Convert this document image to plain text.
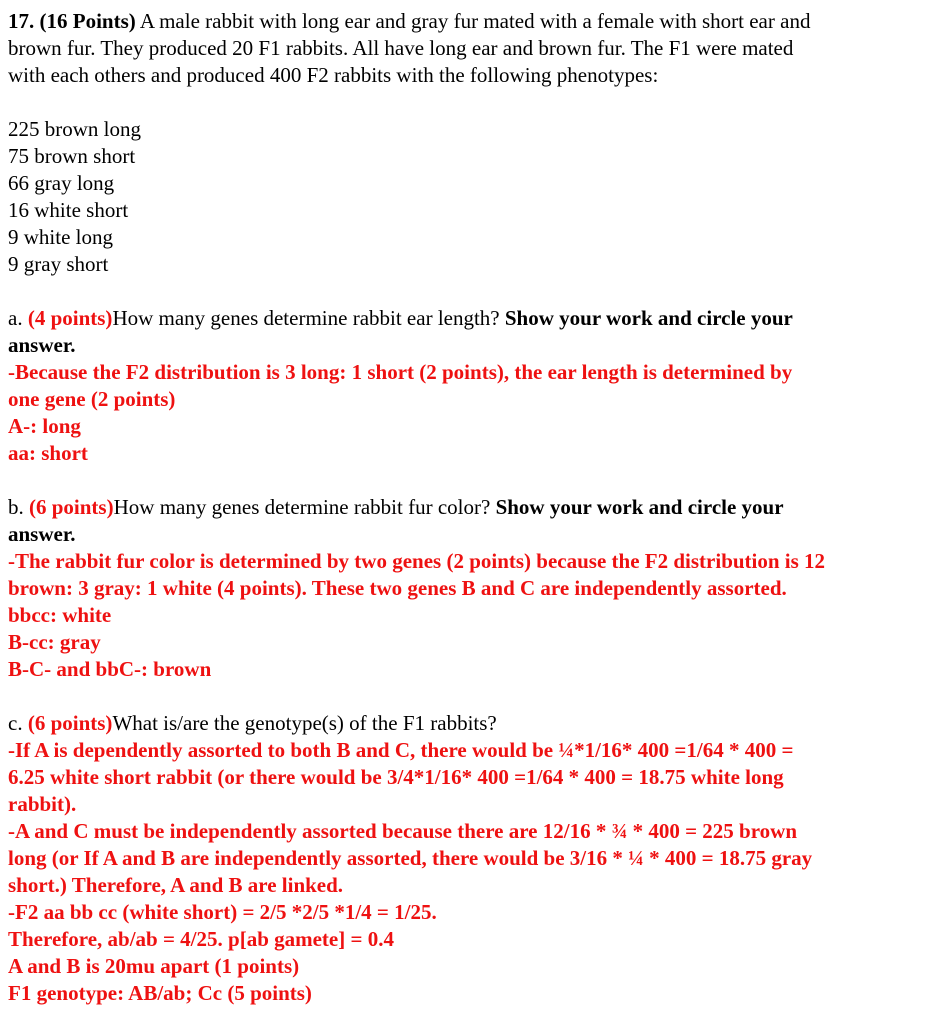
17. (16 Points) A male rabbit with long ear and gray fur mated with a female with short ear and

brown fur. They produced 20 F1 rabbits. All have long ear and brown fur. The F1 were mated

with each others and produced 400 F2 rabbits with the following phenotypes:

225 brown long

75 brown short

66 gray long

16 white short

9 white long

9 gray short

a. (4 points)How many genes determine rabbit ear length? Show your work and circle your

answer.

-Because the F2 distribution is 3 long: 1 short (2 points), the ear length is determined by

one gene (2 points)

A-: long

aa: short

b. (6 points)How many genes determine rabbit fur color? Show your work and circle your

answer.

-The rabbit fur color is determined by two genes (2 points) because the F2 distribution is 12

brown: 3 gray: 1 white (4 points). These two genes B and C are independently assorted.

bbcc: white

B-cc: gray

B-C- and bbC-: brown

c. (6 points)What is/are the genotype(s) of the F1 rabbits?

-If A is dependently assorted to both B and C, there would be ¼*1/16* 400 =1/64 * 400 =

6.25 white short rabbit (or there would be 3/4*1/16* 400 =1/64 * 400 = 18.75 white long

rabbit).

-A and C must be independently assorted because there are 12/16 * ¾ * 400 = 225 brown

long (or If A and B are independently assorted, there would be 3/16 * ¼ * 400 = 18.75 gray

short.) Therefore, A and B are linked.

-F2 aa bb cc (white short) = 2/5 *2/5 *1/4 = 1/25.

Therefore, ab/ab = 4/25. p[ab gamete] = 0.4

A and B is 20mu apart (1 points)

F1 genotype: AB/ab; Cc (5 points)
